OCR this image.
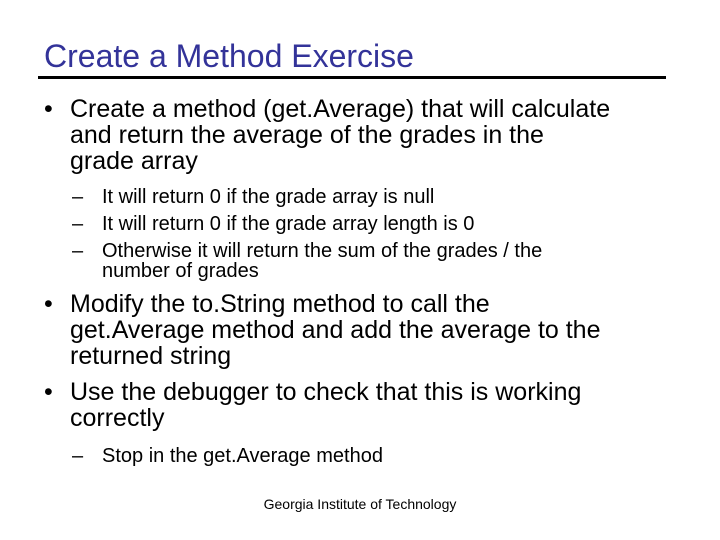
Create a Method Exercise
• Create a method (get.Average) that will calculate
and return the average of the grades in the
grade array
– It will return 0 if the grade array is null
– It will return 0 if the grade array length is 0
– Otherwise it will return the sum of the grades / the
number of grades
• Modify the to.String method to call the
get.Average method and add the average to the
returned string
• Use the debugger to check that this is working
correctly
– Stop in the get.Average method
Georgia Institute of Technology
